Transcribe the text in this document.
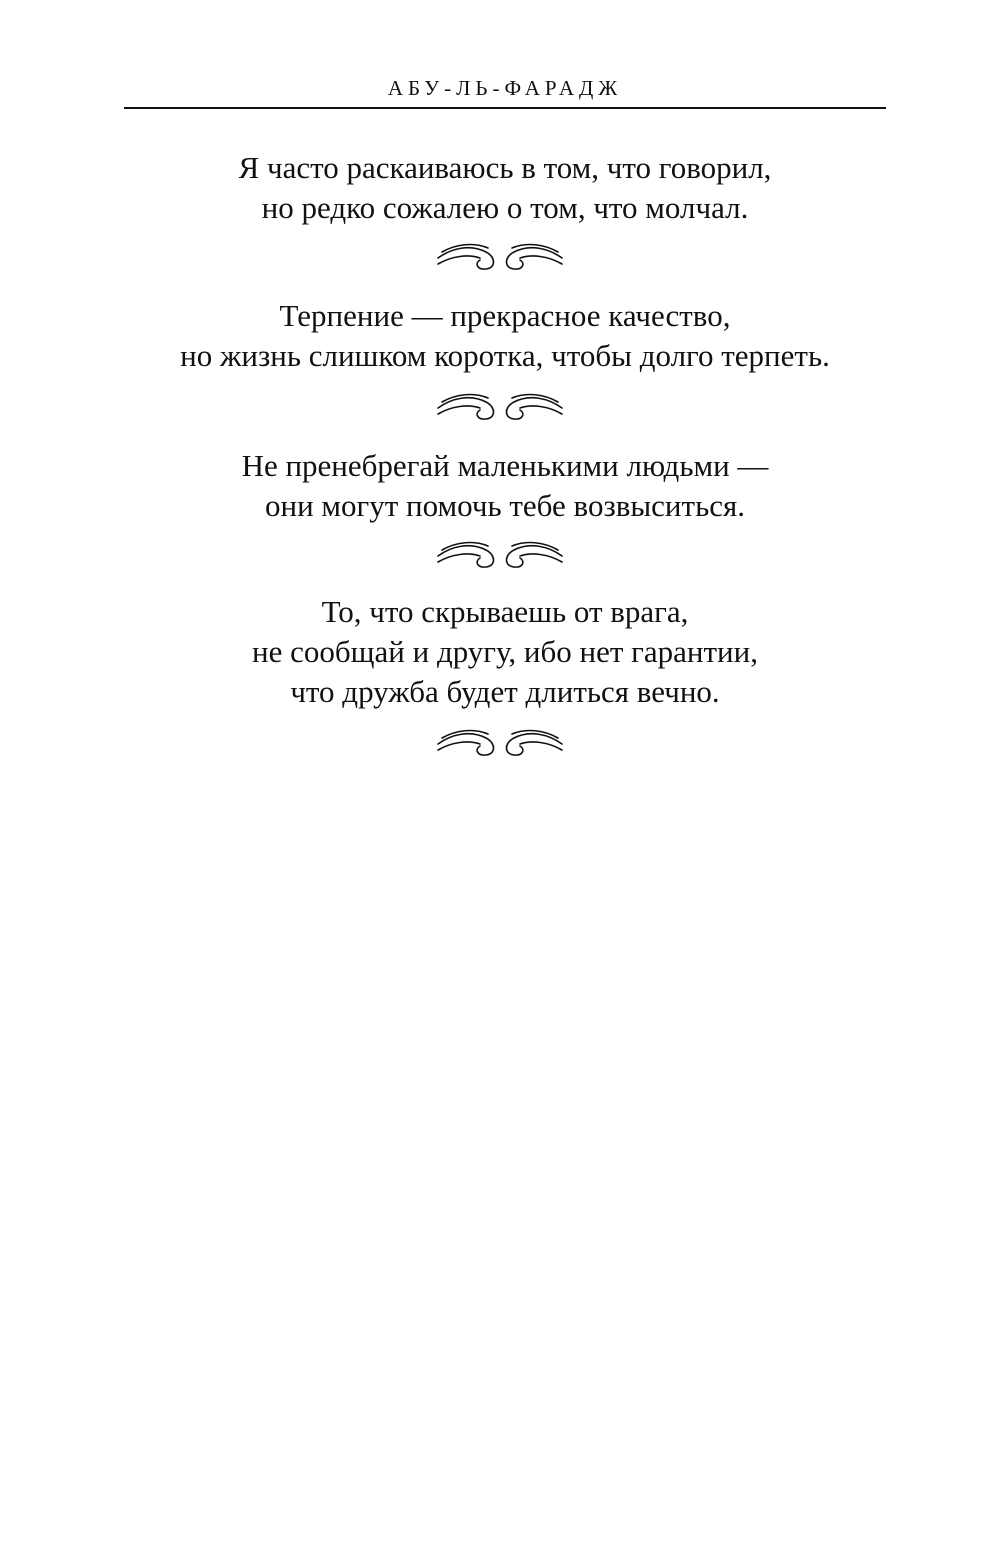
АБУ-ЛЬ-ФАРАДЖ
Я часто раскаиваюсь в том, что говорил,
но редко сожалею о том, что молчал.
Терпение — прекрасное качество,
но жизнь слишком коротка, чтобы долго терпеть.
Не пренебрегай маленькими людьми —
они могут помочь тебе возвыситься.
То, что скрываешь от врага,
не сообщай и другу, ибо нет гарантии,
что дружба будет длиться вечно.
